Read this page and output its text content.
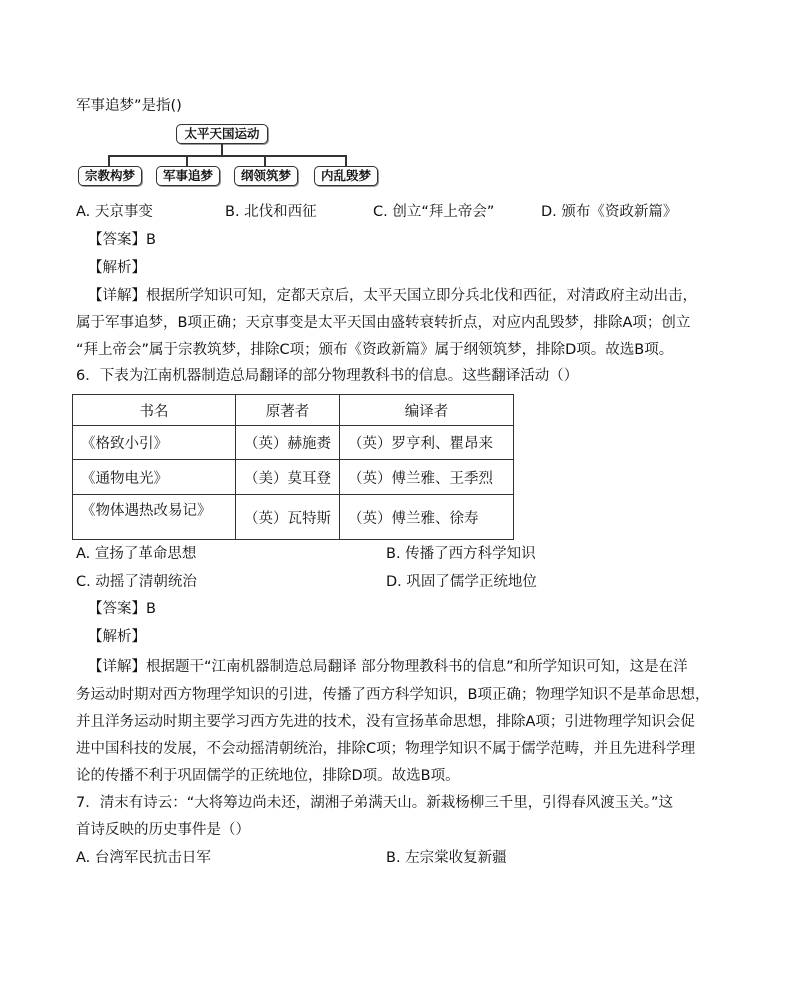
军事追梦”是指()
太平天国运动
宗教构梦	军事追梦	纲领筑梦	内乱毁梦
A. 天京事变	B. 北伐和西征	C. 创立“拜上帝会”	D. 颁布《资政新篇》
【答案】B
【解析】
【详解】根据所学知识可知，定都天京后，太平天国立即分兵北伐和西征，对清政府主动出击，
属于军事追梦，B项正确；天京事变是太平天国由盛转衰转折点，对应内乱毁梦，排除A项；创立
“拜上帝会”属于宗教筑梦，排除C项；颁布《资政新篇》属于纲领筑梦，排除D项。故选B项。
6．下表为江南机器制造总局翻译的部分物理教科书的信息。这些翻译活动（）
书名	原著者	编译者
《格致小引》	（英）赫施赉	（英）罗亨利、瞿昂来
《通物电光》	（美）莫耳登	（英）傅兰雅、王季烈
《物体遇热改易记》	（英）瓦特斯	（英）傅兰雅、徐寿
A. 宣扬了革命思想	B. 传播了西方科学知识
C. 动摇了清朝统治	D. 巩固了儒学正统地位
【答案】B
【解析】
【详解】根据题干“江南机器制造总局翻译 部分物理教科书的信息”和所学知识可知，这是在洋
务运动时期对西方物理学知识的引进，传播了西方科学知识，B项正确；物理学知识不是革命思想，
并且洋务运动时期主要学习西方先进的技术，没有宣扬革命思想，排除A项；引进物理学知识会促
进中国科技的发展，不会动摇清朝统治，排除C项；物理学知识不属于儒学范畴，并且先进科学理
论的传播不利于巩固儒学的正统地位，排除D项。故选B项。
7．清末有诗云：“大将筹边尚未还，湖湘子弟满天山。新栽杨柳三千里，引得春风渡玉关。”这
首诗反映的历史事件是（）
A. 台湾军民抗击日军	B. 左宗棠收复新疆
